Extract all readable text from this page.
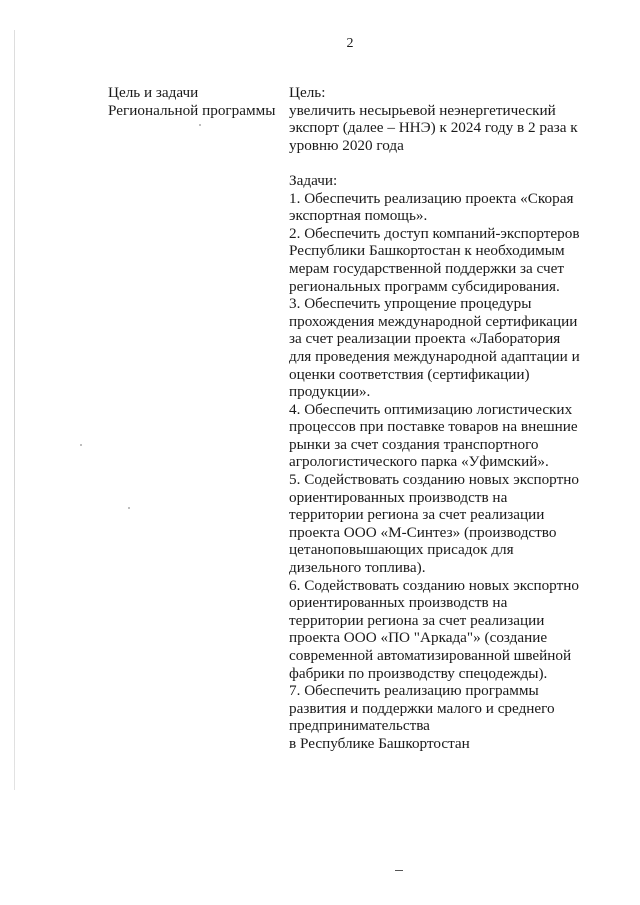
2
Цель и задачи
Региональной программы
Цель:
увеличить несырьевой неэнергетический
экспорт (далее – ННЭ) к 2024 году в 2 раза к
уровню 2020 года
Задачи:
1. Обеспечить реализацию проекта «Скорая
экспортная помощь».
2. Обеспечить доступ компаний-экспортеров
Республики Башкортостан к необходимым
мерам государственной поддержки за счет
региональных программ субсидирования.
3. Обеспечить упрощение процедуры
прохождения международной сертификации
за счет реализации проекта «Лаборатория
для проведения международной адаптации и
оценки соответствия (сертификации)
продукции».
4. Обеспечить оптимизацию логистических
процессов при поставке товаров на внешние
рынки за счет создания транспортного
агрологистического парка «Уфимский».
5. Содействовать созданию новых экспортно
ориентированных производств на
территории региона за счет реализации
проекта ООО «М-Синтез» (производство
цетаноповышающих присадок для
дизельного топлива).
6. Содействовать созданию новых экспортно
ориентированных производств на
территории региона за счет реализации
проекта ООО «ПО "Аркада"» (создание
современной автоматизированной швейной
фабрики по производству спецодежды).
7. Обеспечить реализацию программы
развития и поддержки малого и среднего
предпринимательства
в Республике Башкортостан
